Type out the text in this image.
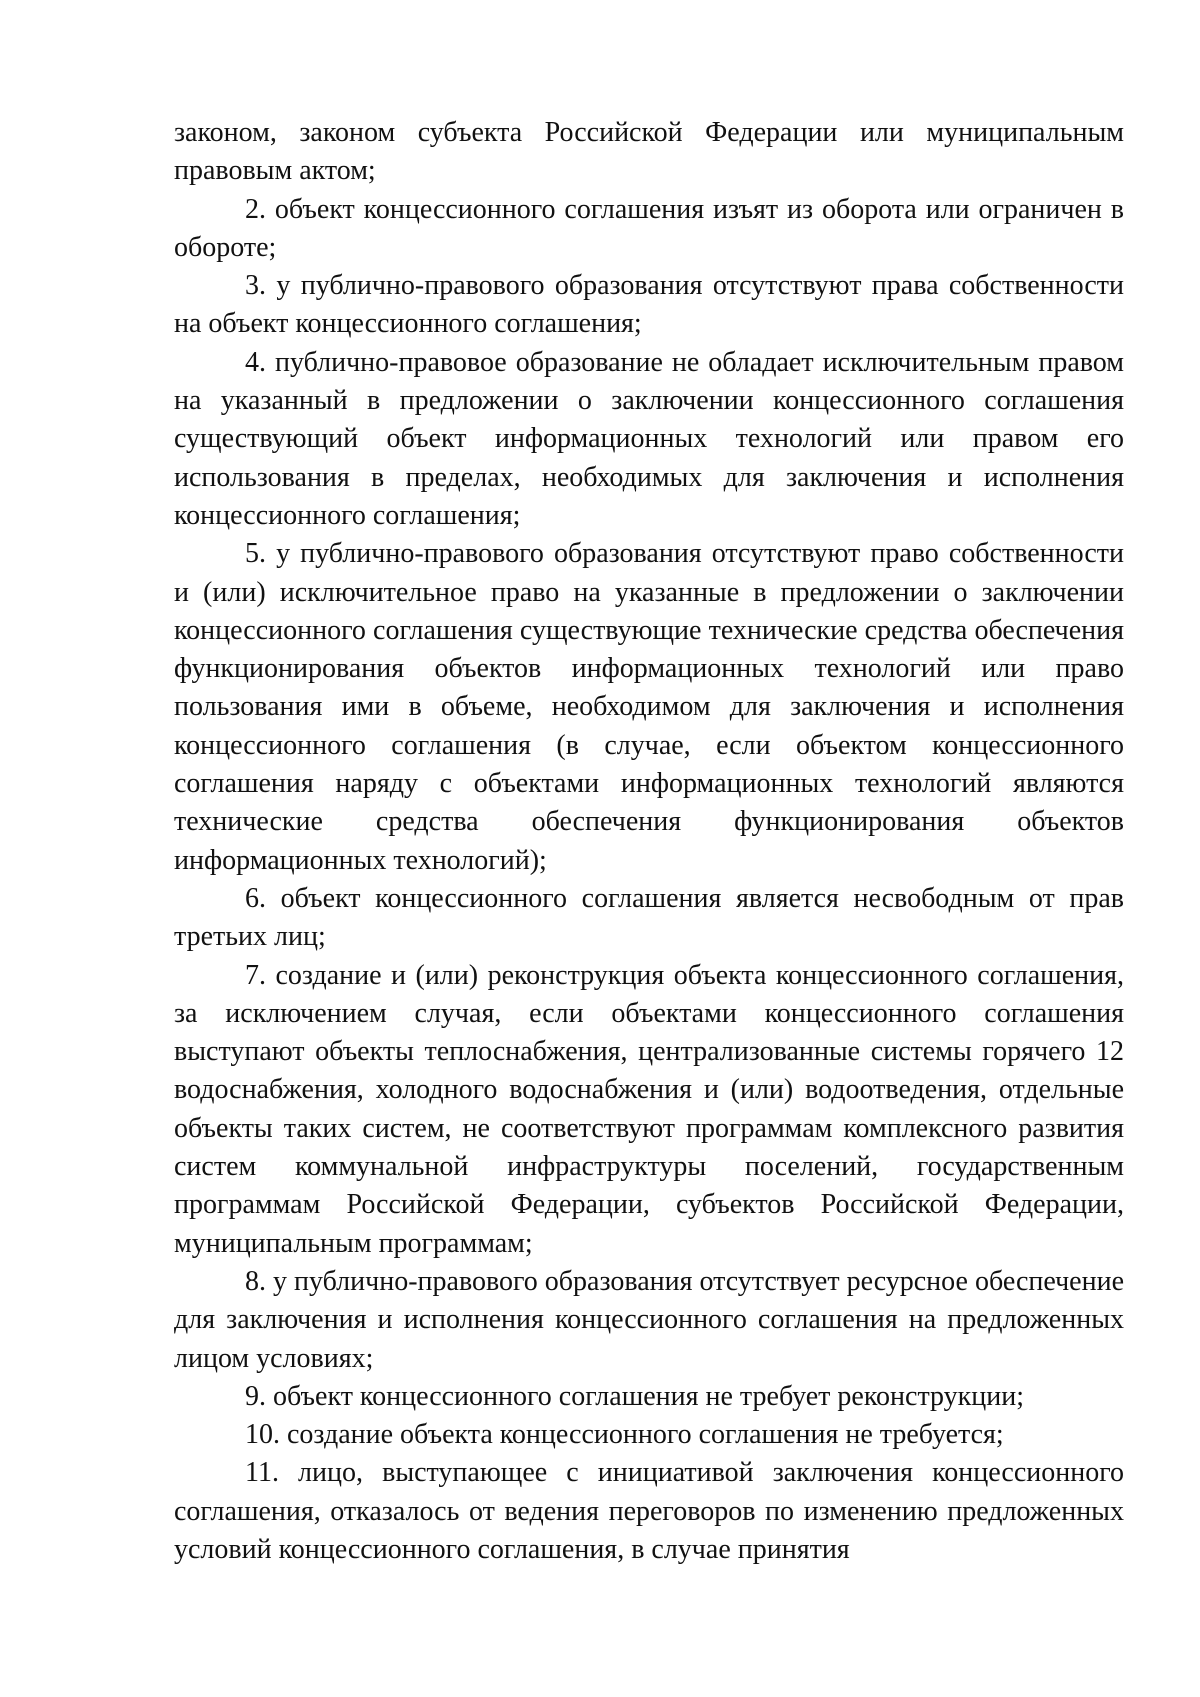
законом, законом субъекта Российской Федерации или муниципальным правовым актом;

2. объект концессионного соглашения изъят из оборота или ограничен в обороте;

3. у публично-правового образования отсутствуют права собственности на объект концессионного соглашения;

4. публично-правовое образование не обладает исключительным правом на указанный в предложении о заключении концессионного соглашения существующий объект информационных технологий или правом его использования в пределах, необходимых для заключения и исполнения концессионного соглашения;

5. у публично-правового образования отсутствуют право собственности и (или) исключительное право на указанные в предложении о заключении концессионного соглашения существующие технические средства обеспечения функционирования объектов информационных технологий или право пользования ими в объеме, необходимом для заключения и исполнения концессионного соглашения (в случае, если объектом концессионного соглашения наряду с объектами информационных технологий являются технические средства обеспечения функционирования объектов информационных технологий);

6. объект концессионного соглашения является несвободным от прав третьих лиц;

7. создание и (или) реконструкция объекта концессионного соглашения, за исключением случая, если объектами концессионного соглашения выступают объекты теплоснабжения, централизованные системы горячего 12 водоснабжения, холодного водоснабжения и (или) водоотведения, отдельные объекты таких систем, не соответствуют программам комплексного развития систем коммунальной инфраструктуры поселений, государственным программам Российской Федерации, субъектов Российской Федерации, муниципальным программам;

8. у публично-правового образования отсутствует ресурсное обеспечение для заключения и исполнения концессионного соглашения на предложенных лицом условиях;

9. объект концессионного соглашения не требует реконструкции;

10. создание объекта концессионного соглашения не требуется;

11. лицо, выступающее с инициативой заключения концессионного соглашения, отказалось от ведения переговоров по изменению предложенных условий концессионного соглашения, в случае принятия
